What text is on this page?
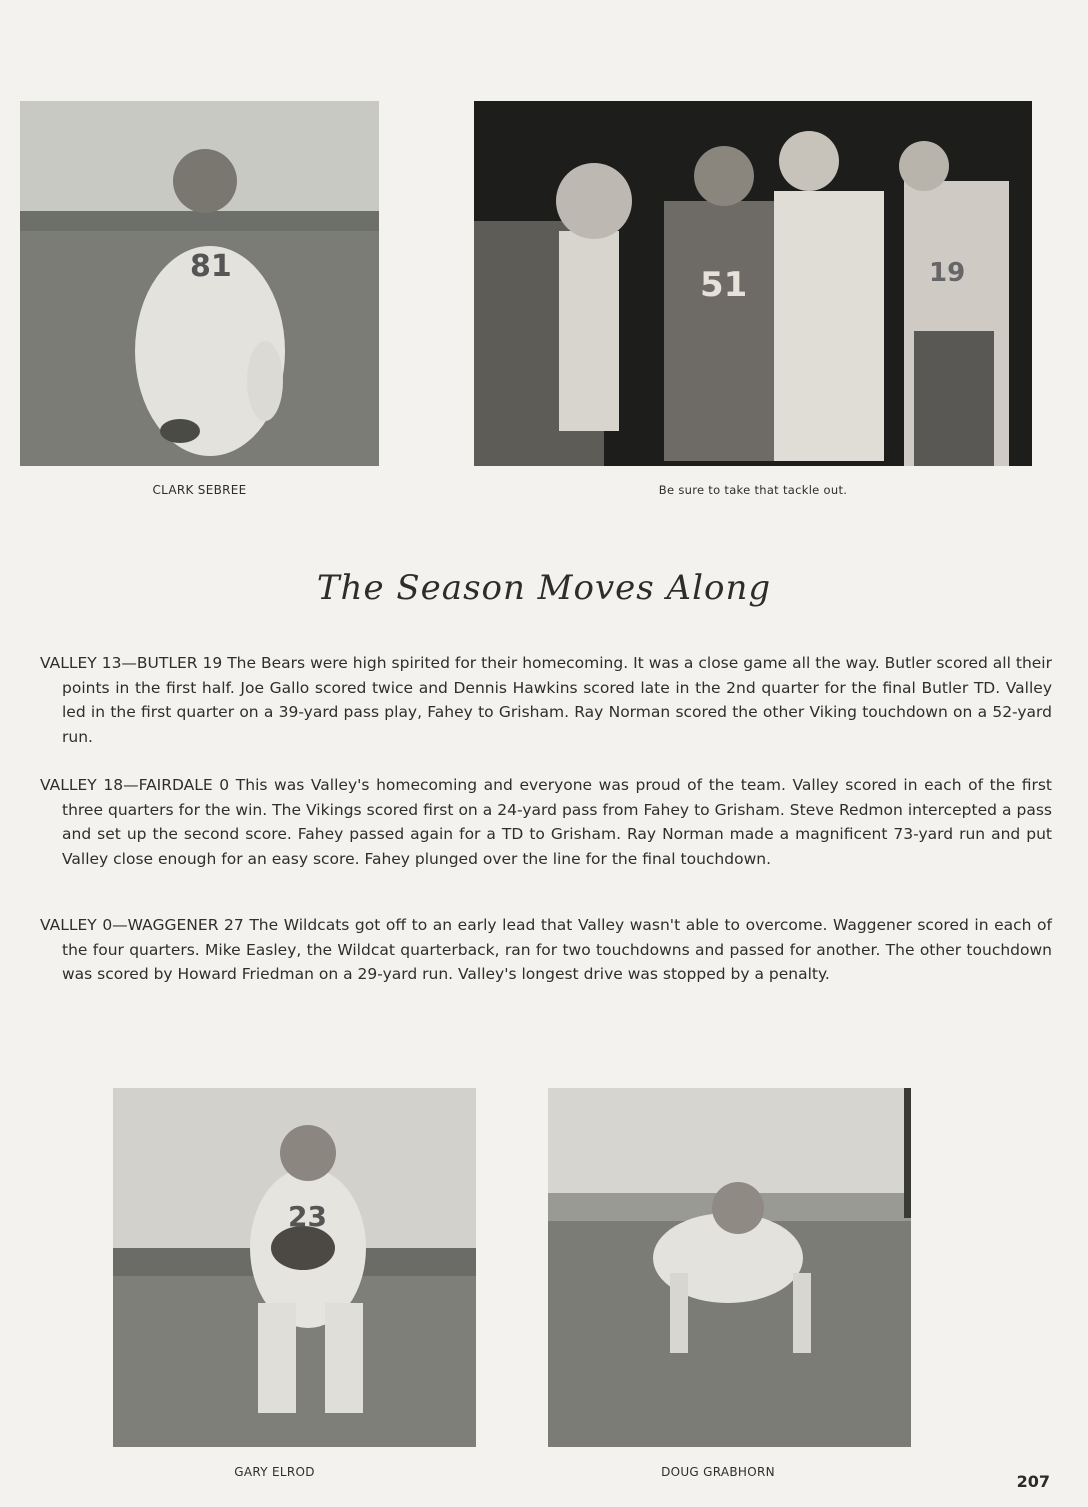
81
CLARK SEBREE
51	19
Be sure to take that tackle out.
The Season Moves Along
VALLEY 13—BUTLER 19 The Bears were high spirited for their homecoming. It was a close game all the way. Butler scored all their points in the first half. Joe Gallo scored twice and Dennis Hawkins scored late in the 2nd quarter for the final Butler TD. Valley led in the first quarter on a 39-yard pass play, Fahey to Grisham. Ray Norman scored the other Viking touchdown on a 52-yard run.
VALLEY 18—FAIRDALE 0 This was Valley's homecoming and everyone was proud of the team. Valley scored in each of the first three quarters for the win. The Vikings scored first on a 24-yard pass from Fahey to Grisham. Steve Redmon intercepted a pass and set up the second score. Fahey passed again for a TD to Grisham. Ray Norman made a magnificent 73-yard run and put Valley close enough for an easy score. Fahey plunged over the line for the final touchdown.
VALLEY 0—WAGGENER 27 The Wildcats got off to an early lead that Valley wasn't able to overcome. Waggener scored in each of the four quarters. Mike Easley, the Wildcat quarterback, ran for two touchdowns and passed for another. The other touchdown was scored by Howard Friedman on a 29-yard run. Valley's longest drive was stopped by a penalty.
23
GARY ELROD	DOUG GRABHORN	207
